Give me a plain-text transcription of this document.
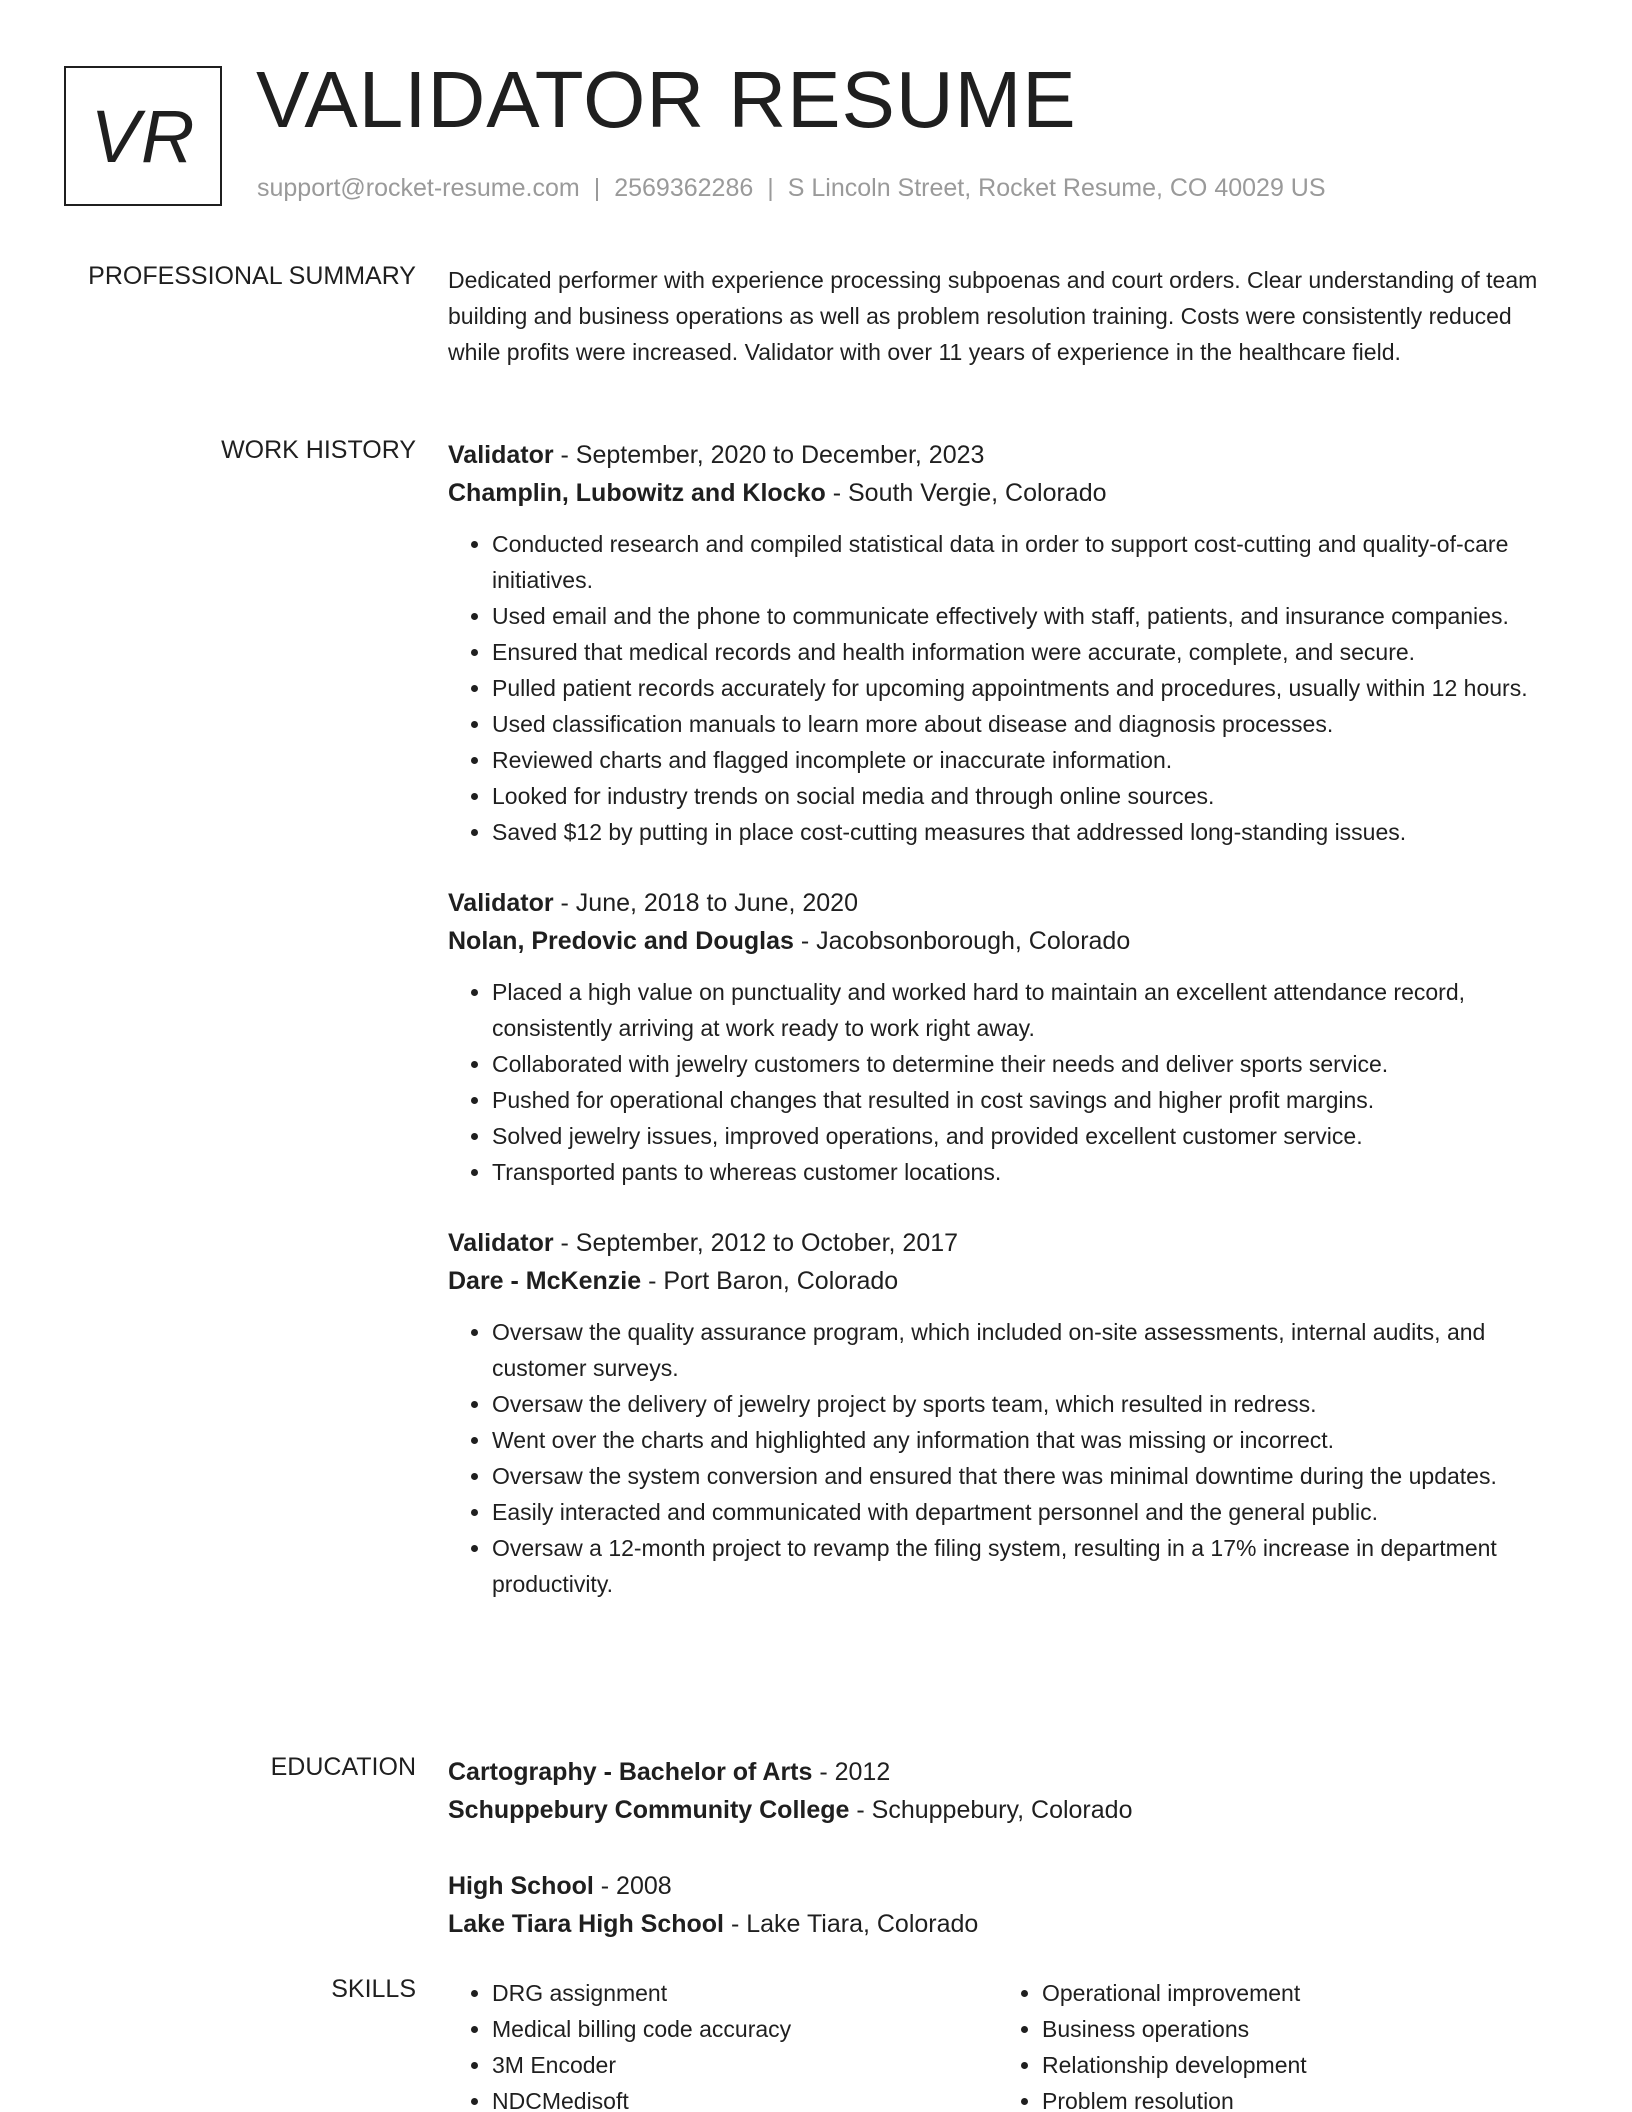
VR VALIDATOR RESUME
support@rocket-resume.com | 2569362286 | S Lincoln Street, Rocket Resume, CO 40029 US
PROFESSIONAL SUMMARY Dedicated performer with experience processing subpoenas and court orders. Clear understanding of team building and business operations as well as problem resolution training. Costs were consistently reduced while profits were increased. Validator with over 11 years of experience in the healthcare field.

WORK HISTORY Validator - September, 2020 to December, 2023
Champlin, Lubowitz and Klocko - South Vergie, Colorado
• Conducted research and compiled statistical data in order to support cost-cutting and quality-of-care initiatives.
• Used email and the phone to communicate effectively with staff, patients, and insurance companies.
• Ensured that medical records and health information were accurate, complete, and secure.
• Pulled patient records accurately for upcoming appointments and procedures, usually within 12 hours.
• Used classification manuals to learn more about disease and diagnosis processes.
• Reviewed charts and flagged incomplete or inaccurate information.
• Looked for industry trends on social media and through online sources.
• Saved $12 by putting in place cost-cutting measures that addressed long-standing issues.
Validator - June, 2018 to June, 2020
Nolan, Predovic and Douglas - Jacobsonborough, Colorado
• Placed a high value on punctuality and worked hard to maintain an excellent attendance record, consistently arriving at work ready to work right away.
• Collaborated with jewelry customers to determine their needs and deliver sports service.
• Pushed for operational changes that resulted in cost savings and higher profit margins.
• Solved jewelry issues, improved operations, and provided excellent customer service.
• Transported pants to whereas customer locations.
Validator - September, 2012 to October, 2017
Dare - McKenzie - Port Baron, Colorado
• Oversaw the quality assurance program, which included on-site assessments, internal audits, and customer surveys.
• Oversaw the delivery of jewelry project by sports team, which resulted in redress.
• Went over the charts and highlighted any information that was missing or incorrect.
• Oversaw the system conversion and ensured that there was minimal downtime during the updates.
• Easily interacted and communicated with department personnel and the general public.
• Oversaw a 12-month project to revamp the filing system, resulting in a 17% increase in department productivity.
EDUCATION Cartography - Bachelor of Arts - 2012
Schuppebury Community College - Schuppebury, Colorado
High School - 2008
Lake Tiara High School - Lake Tiara, Colorado
SKILLS
•	DRG assignment
• Medical billing code accuracy
• 3M Encoder
• NDCMedisoft
• Operational improvement
• Business operations
• Relationship development
• Problem resolution
